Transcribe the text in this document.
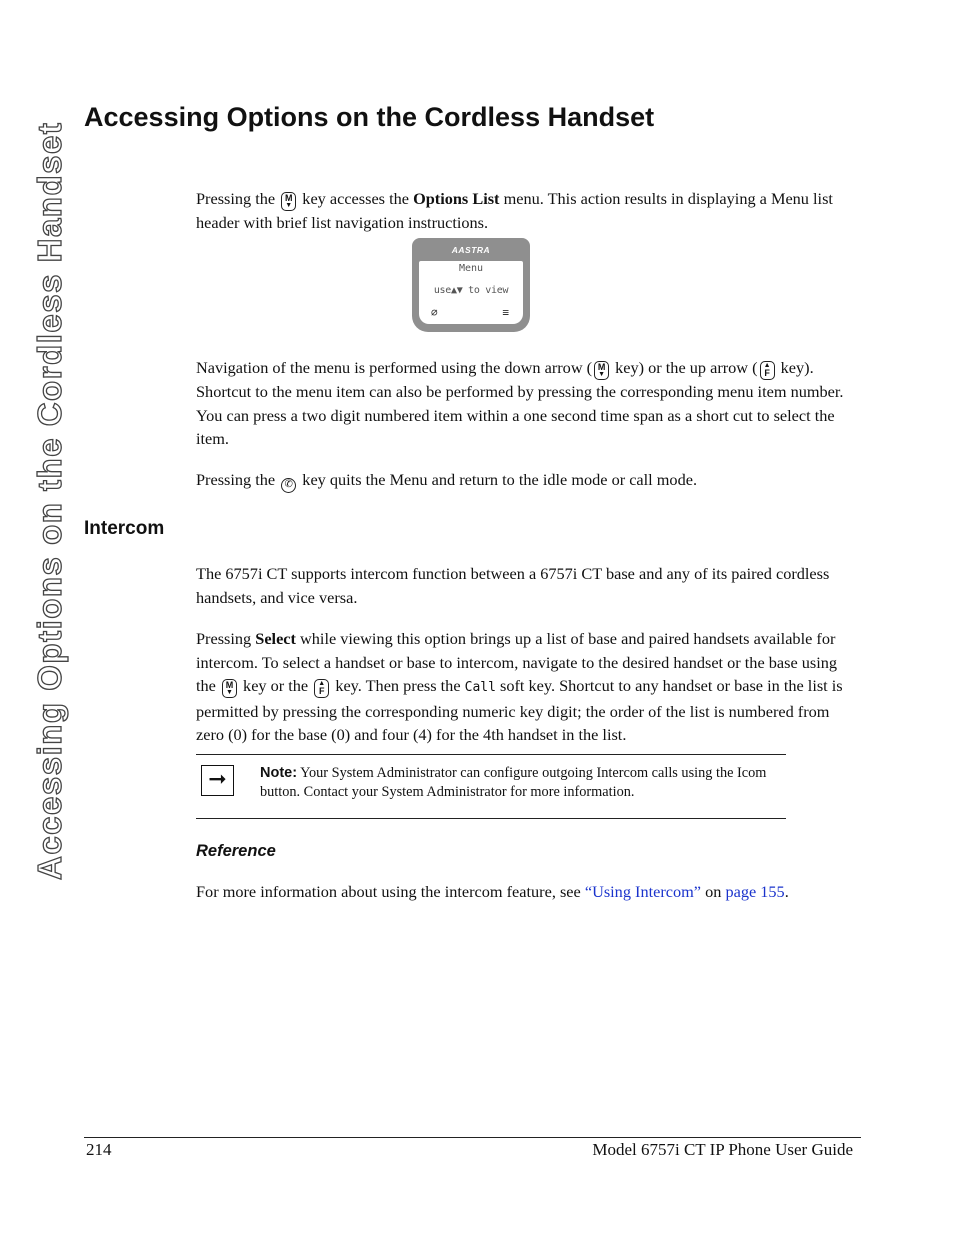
Accessing Options on the Cordless Handset
Accessing Options on the Cordless Handset

Pressing the M
▼ key accesses the Options List menu. This action results in displaying a Menu list header with brief list navigation instructions.

AASTRA
Menu
use▲▼ to view
∅	≡

Navigation of the menu is performed using the down arrow ( M
▼ key) or the up arrow ( ▲
F key). Shortcut to the menu item can also be performed by pressing the corresponding menu item number. You can press a two digit numbered item within a one second time span as a short cut to select the item.

Pressing the ✆ key quits the Menu and return to the idle mode or call mode.

Intercom

The 6757i CT supports intercom function between a 6757i CT base and any of its paired cordless handsets, and vice versa.

Pressing Select while viewing this option brings up a list of base and paired handsets available for intercom. To select a handset or base to intercom, navigate to the desired handset or the base using the M
▼ key or the	▲
F key. Then press the Call soft key. Shortcut to any handset or base in the list is permitted by pressing the corresponding numeric key digit; the order of the list is numbered from zero (0) for the base (0) and four (4) for the 4th handset in the list.

➞	Note: Your System Administrator can configure outgoing Intercom calls using the Icom button. Contact your System Administrator for more information.
Reference

For more information about using the intercom feature, see “Using Intercom” on page 155.

214	Model 6757i CT IP Phone User Guide
